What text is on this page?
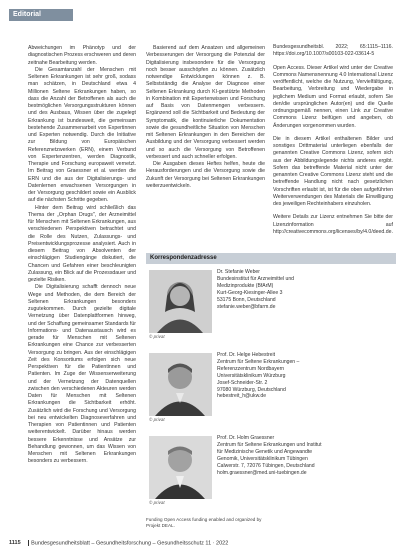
Editorial

Abweichungen im Phänotyp und der diagnostischen Prozess erschweren und deren zeitnahe Bearbeitung werden.

Die Gesamtanzahl der Menschen mit Seltenen Erkrankungen ist sehr groß, sodass man schätzen, in Deutschland etwa 4 Millionen Seltene Erkrankungen haben, so dass die Anzahl der Betroffenen als auch die bestmöglichen Versorgungsstrukturen können und des Ausbaus, Wissen über die zugelegt Erkrankung ist bundesweit, die gemeinsam bestehende Zusammenarbeit von Expertinnen und Experten notwendig. Durch die Initiative zur Bildung von Europäischen Referenznetzwerken (ERN), einem Verbund von Expertenzentren, werden Diagnostik, Therapie und Forschung europaweit vernetzt. Im Beitrag von Graessner et al. werden die ERN und die aus der Digitalisierungs- und Datenlernen erwachsenen Versorgungen in der Versorgung geschildert sowie ein Ausblick auf die nächsten Schritte gegeben.

Hinter dem Beitrag wird schließlich das Thema der „Orphan Drugs", der Arzneimittel für Menschen mit Seltenen Erkrankungen, aus verschiedenen Perspektiven betrachtet und die Rolle des Nutzen, Zulassungs- und Preisentwicklungsprozesse analysiert. Auch in diesem Beitrag von Absolventen der einschlägigen Studiengänge diskutiert, die Chancen und Gefahren einer beschleunigten Zulassung, ein Blick auf die Prozessdauer und gezielte Risiken.

Die Digitalisierung schafft dennoch neue Wege und Methoden, die dem Bereich der Seltenen Erkrankungen besonders zugutekommen. Durch gezielte digitale Vernetzung über Datenplattformen hinweg, und der Schaffung gemeinsamer Standards für Informations- und Datenaustausch wird es gerade für Menschen mit Seltenen Erkrankungen eine Chance zur verbesserten Versorgung zu bringen. Aus der einschlägigen Zeit des Konsortiums erfolgen sich neue Perspektiven für die Patientinnen und Patienten. Im Zuge der Wissenserweiterung und der Vernetzung der Datenquellen zwischen den verschiedenen Akteuren werden Daten für Menschen mit Seltenen Erkrankungen die Sichtbarkeit erhöht. Zusätzlich wird die Forschung und Versorgung bei neu entwickelten Diagnoseverfahren und Therapien von Patientinnen und Patienten weiterentwickelt. Darüber hinaus werden bessere Erkenntnisse und Ansätze zur Behandlung gewonnen, um das Wissen von Menschen mit Seltenen Erkrankungen besonders zu verbessern.

Basierend auf dem Ansatzen und allgemeinen Verbesserungen der Versorgung die Potenzial der Digitalisierung insbesondere für die Versorgung noch besser ausschöpfen zu können. Zusätzlich notwendige Entwicklungen können z. B. Selbstständig die Analyse der Diagnose einer Seltenen Erkrankung durch KI-gestützte Methoden in Kombination mit Expertenwissen und Forschung auf Basis von Datenmengen verbessern. Ergänzend soll die Sichtbarkeit und Bedeutung der Symptomatik, die kontinuierliche Dokumentation sowie die gesundheitliche Situation von Menschen mit Seltenen Erkrankungen in den Bereichen der Ausbildung und der Versorgung verbessert werden und so auch die Versorgung von Betroffenen verbessert und auch schneller erfolgen.

Die Ausgaben dieses Heftes helfen, heute die Herausforderungen und die Versorgung sowie die Zukunft der Versorgung bei Seltenen Erkrankungen weiterzuentwickeln.

Bundesgesundheitsbl. 2022; 65:1115–1116. https://doi.org/10.1007/s00103-022-03614-5

Open Access. Dieser Artikel wird unter der Creative Commons Namensnennung 4.0 International Lizenz veröffentlicht, welche die Nutzung, Vervielfältigung, Bearbeitung, Verbreitung und Wiedergabe in jeglichem Medium und Format erlaubt, sofern Sie den/die ursprünglichen Autor(en) und die Quelle ordnungsgemäß nennen, einen Link zur Creative Commons Lizenz beifügen und angeben, ob Änderungen vorgenommen wurden.

Die in diesem Artikel enthaltenen Bilder und sonstiges Drittmaterial unterliegen ebenfalls der genannten Creative Commons Lizenz, sofern sich aus der Abbildungslegende nichts anderes ergibt. Sofern das betreffende Material nicht unter der genannten Creative Commons Lizenz steht und die betreffende Handlung nicht nach gesetzlichen Vorschriften erlaubt ist, ist für die oben aufgeführten Weiterverwendungen des Materials die Einwilligung des jeweiligen Rechteinhabers einzuholen.

Weitere Details zur Lizenz entnehmen Sie bitte der Lizenzinformation auf http://creativecommons.org/licenses/by/4.0/deed.de.

Korrespondenzadresse
© privat

Dr. Stefanie Weber

Bundesinstitut für Arzneimittel und Medizinprodukte (BfArM)

Kurt-Georg-Kiesinger-Allee 3

53175 Bonn, Deutschland

stefanie.weber@bfarm.de

© privat

Prof. Dr. Helge Hebestreit

Zentrum für Seltene Erkrankungen – Referenzzentrum Nordbayern

Universitätsklinikum Würzburg

Josef-Schneider-Str. 2

97080 Würzburg, Deutschland

hebestreit_h@ukw.de

© privat

Prof. Dr. Holm Graessner

Zentrum für Seltene Erkrankungen und Institut für Medizinische Genetik und Angewandte Genomik, Universitätsklinikum Tübingen

Calwerstr. 7, 72076 Tübingen, Deutschland

holm.graessner@med.uni-tuebingen.de

Funding Open Access funding enabled and organized by Projekt DEAL.
1115 Bundesgesundheitsblatt – Gesundheitsforschung – Gesundheitsschutz 11 · 2022
